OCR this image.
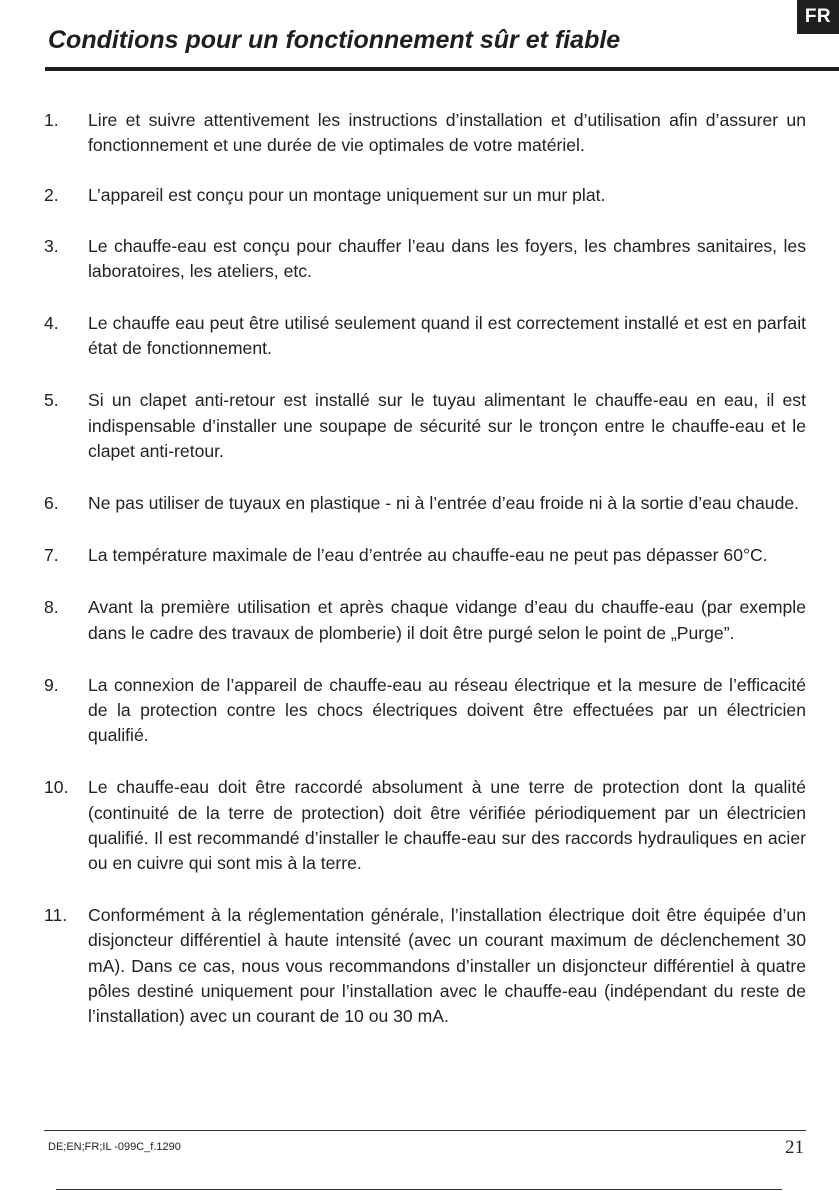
FR
Conditions pour un fonctionnement sûr et fiable
1.	Lire et suivre attentivement les instructions d’installation et d’utilisation afin d’assurer un fonctionnement et une durée de vie optimales de votre matériel.
2.	L’appareil est conçu pour un montage uniquement sur un mur plat.
3.	Le chauffe-eau est conçu pour chauffer l’eau dans les foyers, les chambres sanitaires, les laboratoires, les ateliers, etc.
4.	Le chauffe eau peut être utilisé seulement quand il est correctement installé et est en parfait état de fonctionnement.
5.	Si un clapet anti-retour est installé sur le tuyau alimentant le chauffe-eau en eau, il est indispensable d’installer une soupape de sécurité sur le tronçon entre le chauffe-eau et le clapet anti-retour.
6.	Ne pas utiliser de tuyaux en plastique - ni à l’entrée d’eau froide ni à la sortie d’eau chaude.
7.	La température maximale de l’eau d’entrée au chauffe-eau ne peut pas dépasser 60°C.
8.	Avant la première utilisation et après chaque vidange d’eau du chauffe-eau (par exemple dans le cadre des travaux de plomberie) il doit être purgé selon le point de „Purge”.
9.	La connexion de l’appareil de chauffe-eau au réseau électrique et la mesure de l’efficacité de la protection contre les chocs électriques doivent être effectuées par un électricien qualifié.
10.	Le chauffe-eau doit être raccordé absolument à une terre de protection dont la qualité (continuité de la terre de protection) doit être vérifiée périodiquement par un électricien qualifié. Il est recommandé d’installer le chauffe-eau sur des raccords hydrauliques en acier ou en cuivre qui sont mis à la terre.
11.	Conformément à la réglementation générale, l’installation électrique doit être équipée d’un disjoncteur différentiel à haute intensité (avec un courant maximum de déclenchement 30 mA). Dans ce cas, nous vous recommandons d’installer un disjoncteur différentiel à quatre pôles destiné uniquement pour l’installation avec le chauffe-eau (indépendant du reste de l’installation) avec un courant de 10 ou 30 mA.
DE;EN;FR;IL -099C_f.1290	21
